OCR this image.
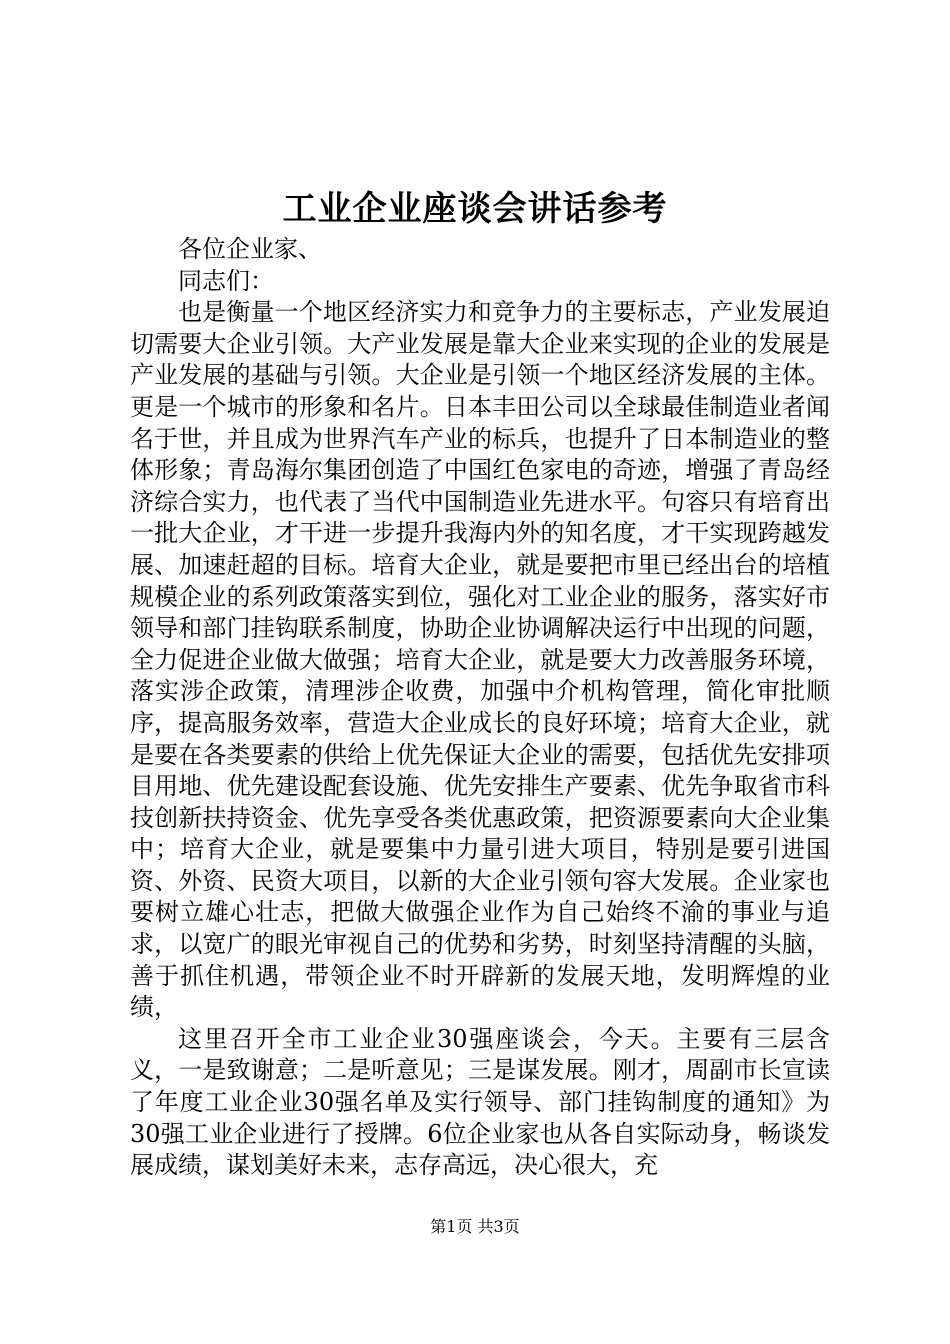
工业企业座谈会讲话参考

各位企业家、

同志们：

也是衡量一个地区经济实力和竞争力的主要标志，产业发展迫切需要大企业引领。大产业发展是靠大企业来实现的企业的发展是产业发展的基础与引领。大企业是引领一个地区经济发展的主体。更是一个城市的形象和名片。日本丰田公司以全球最佳制造业者闻名于世，并且成为世界汽车产业的标兵，也提升了日本制造业的整体形象；青岛海尔集团创造了中国红色家电的奇迹，增强了青岛经济综合实力，也代表了当代中国制造业先进水平。句容只有培育出一批大企业，才干进一步提升我海内外的知名度，才干实现跨越发展、加速赶超的目标。培育大企业，就是要把市里已经出台的培植规模企业的系列政策落实到位，强化对工业企业的服务，落实好市领导和部门挂钩联系制度，协助企业协调解决运行中出现的问题，全力促进企业做大做强；培育大企业，就是要大力改善服务环境，落实涉企政策，清理涉企收费，加强中介机构管理，简化审批顺序，提高服务效率，营造大企业成长的良好环境；培育大企业，就是要在各类要素的供给上优先保证大企业的需要，包括优先安排项目用地、优先建设配套设施、优先安排生产要素、优先争取省市科技创新扶持资金、优先享受各类优惠政策，把资源要素向大企业集中；培育大企业，就是要集中力量引进大项目，特别是要引进国资、外资、民资大项目，以新的大企业引领句容大发展。企业家也要树立雄心壮志，把做大做强企业作为自己始终不渝的事业与追求，以宽广的眼光审视自己的优势和劣势，时刻坚持清醒的头脑，善于抓住机遇，带领企业不时开辟新的发展天地，发明辉煌的业绩，

这里召开全市工业企业30强座谈会，今天。主要有三层含义，一是致谢意；二是听意见；三是谋发展。刚才，周副市长宣读了年度工业企业30强名单及实行领导、部门挂钩制度的通知》为30强工业企业进行了授牌。6位企业家也从各自实际动身，畅谈发展成绩，谋划美好未来，志存高远，决心很大，充

第1页 共3页
